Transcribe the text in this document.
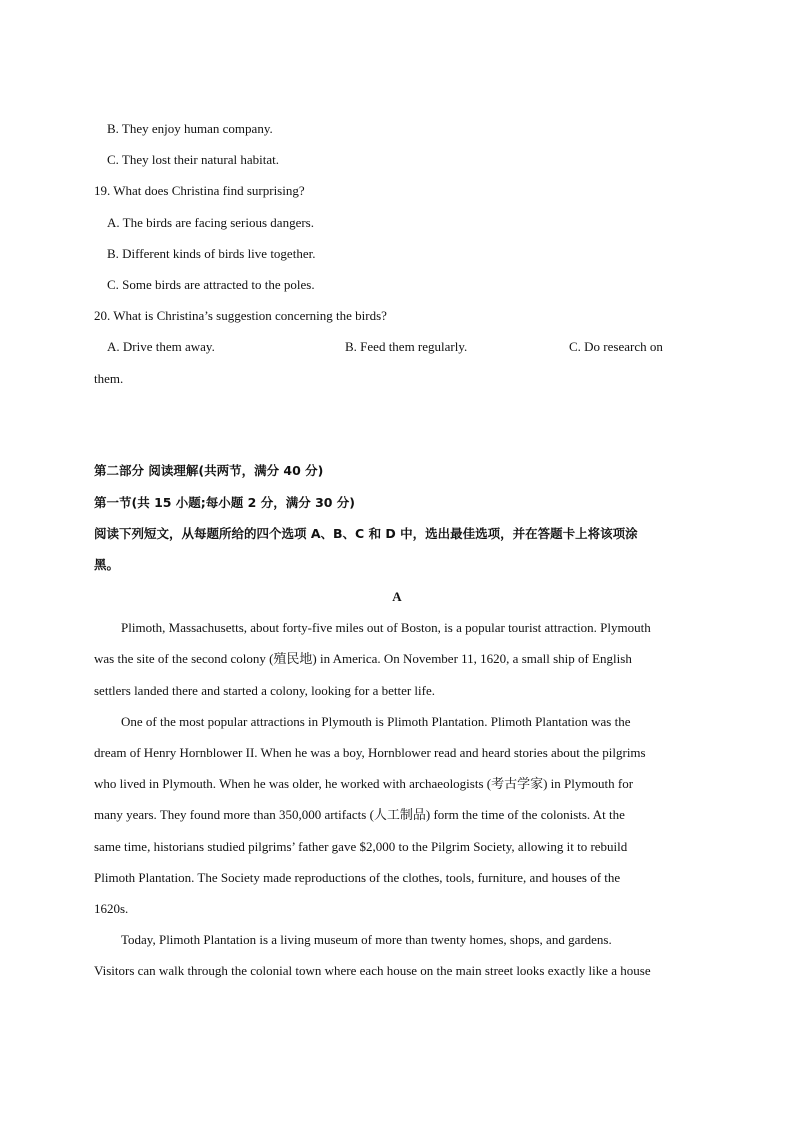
B. They enjoy human company.
C. They lost their natural habitat.
19. What does Christina find surprising?
A. The birds are facing serious dangers.
B. Different kinds of birds live together.
C. Some birds are attracted to the poles.
20. What is Christina’s suggestion concerning the birds?
A. Drive them away.	B. Feed them regularly.	C. Do research on
them.
第二部分 阅读理解(共两节，满分 40 分)
第一节(共 15 小题;每小题 2 分，满分 30 分)
阅读下列短文，从每题所给的四个选项 A、B、C 和 D 中，选出最佳选项，并在答题卡上将该项涂
黑。
A
Plimoth, Massachusetts, about forty-five miles out of Boston, is a popular tourist attraction. Plymouth
was the site of the second colony (殖民地) in America. On November 11, 1620, a small ship of English
settlers landed there and started a colony, looking for a better life.
One of the most popular attractions in Plymouth is Plimoth Plantation. Plimoth Plantation was the
dream of Henry Hornblower II. When he was a boy, Hornblower read and heard stories about the pilgrims
who lived in Plymouth. When he was older, he worked with archaeologists (考古学家) in Plymouth for
many years. They found more than 350,000 artifacts (人工制品) form the time of the colonists. At the
same time, historians studied pilgrims’ father gave $2,000 to the Pilgrim Society, allowing it to rebuild
Plimoth Plantation. The Society made reproductions of the clothes, tools, furniture, and houses of the
1620s.
Today, Plimoth Plantation is a living museum of more than twenty homes, shops, and gardens.
Visitors can walk through the colonial town where each house on the main street looks exactly like a house
